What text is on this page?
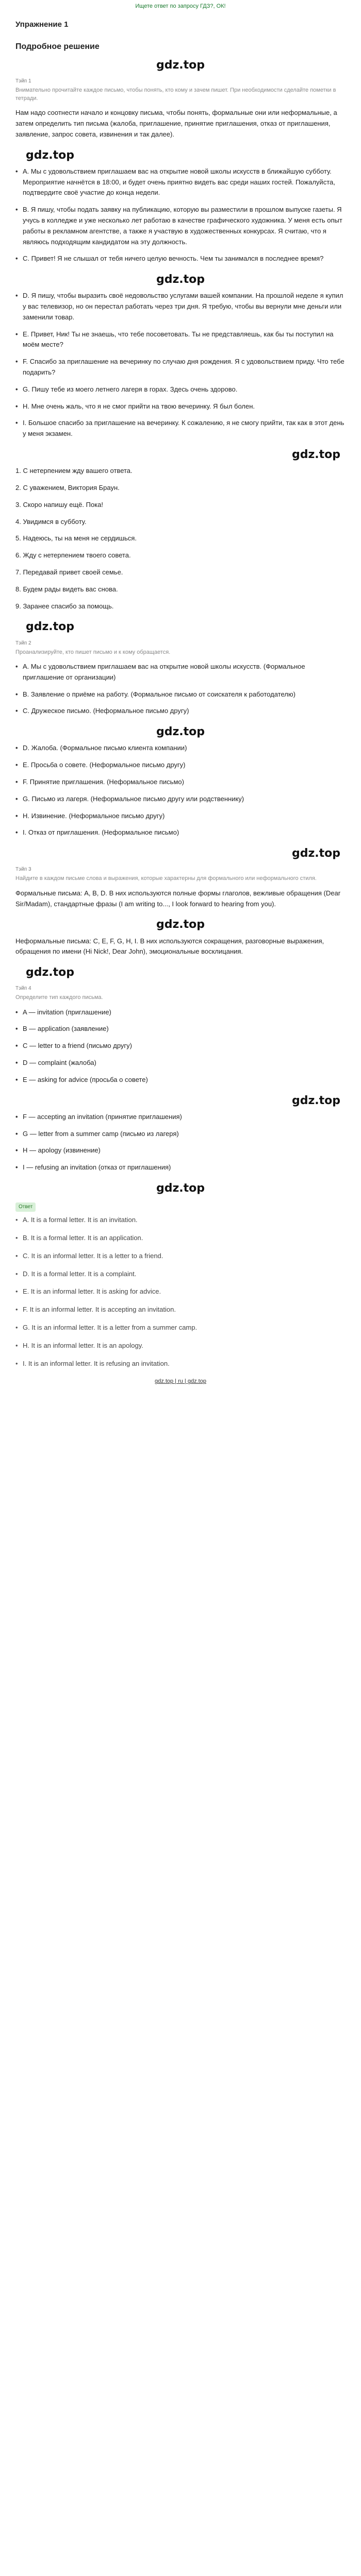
Ищете ответ по запросу ГДЗ?, ОК!
Упражнение 1
Подробное решение
gdz.top
Тэйп 1
Внимательно прочитайте каждое письмо, чтобы понять, кто кому и зачем пишет. При необходимости сделайте пометки в тетради.

Нам надо соотнести начало и концовку письма, чтобы понять, формальные они или неформальные, а затем определить тип письма (жалоба, приглашение, принятие приглашения, отказ от приглашения, заявление, запрос совета, извинения и так далее).

gdz.top
• А. Мы с удовольствием приглашаем вас на открытие новой школы искусств в ближайшую субботу. Мероприятие начнётся в 18:00, и будет очень приятно видеть вас среди наших гостей. Пожалуйста, подтвердите своё участие до конца недели.
• B. Я пишу, чтобы подать заявку на публикацию, которую вы разместили в прошлом выпуске газеты. Я учусь в колледже и уже несколько лет работаю в качестве графического художника. У меня есть опыт работы в рекламном агентстве, а также я участвую в художественных конкурсах. Я считаю, что я являюсь подходящим кандидатом на эту должность.
• C. Привет! Я не слышал от тебя ничего целую вечность. Чем ты занимался в последнее время?
gdz.top
• D. Я пишу, чтобы выразить своё недовольство услугами вашей компании. На прошлой неделе я купил у вас телевизор, но он перестал работать через три дня. Я требую, чтобы вы вернули мне деньги или заменили товар.
• E. Привет, Ник! Ты не знаешь, что тебе посоветовать. Ты не представляешь, как бы ты поступил на моём месте?
• F. Спасибо за приглашение на вечеринку по случаю дня рождения. Я с удовольствием приду. Что тебе подарить?
• G. Пишу тебе из моего летнего лагеря в горах. Здесь очень здорово.
• H. Мне очень жаль, что я не смог прийти на твою вечеринку. Я был болен.
• I. Большое спасибо за приглашение на вечеринку. К сожалению, я не смогу прийти, так как в этот день у меня экзамен.
gdz.top

1. С нетерпением жду вашего ответа.

2. С уважением, Виктория Браун.

3. Скоро напишу ещё. Пока!

4. Увидимся в субботу.

5. Надеюсь, ты на меня не сердишься.

6. Жду с нетерпением твоего совета.

7. Передавай привет своей семье.

8. Будем рады видеть вас снова.

9. Заранее спасибо за помощь.

gdz.top
Тэйп 2
Проанализируйте, кто пишет письмо и к кому обращается.
• А. Мы с удовольствием приглашаем вас на открытие новой школы искусств. (Формальное приглашение от организации)
• B. Заявление о приёме на работу. (Формальное письмо от соискателя к работодателю)
• C. Дружеское письмо. (Неформальное письмо другу)
gdz.top
• D. Жалоба. (Формальное письмо клиента компании)
• E. Просьба о совете. (Неформальное письмо другу)
• F. Принятие приглашения. (Неформальное письмо)
• G. Письмо из лагеря. (Неформальное письмо другу или родственнику)
• H. Извинение. (Неформальное письмо другу)
• I. Отказ от приглашения. (Неформальное письмо)
gdz.top
Тэйп 3
Найдите в каждом письме слова и выражения, которые характерны для формального или неформального стиля.

Формальные письма: A, B, D. В них используются полные формы глаголов, вежливые обращения (Dear Sir/Madam), стандартные фразы (I am writing to..., I look forward to hearing from you).

gdz.top

Неформальные письма: C, E, F, G, H, I. В них используются сокращения, разговорные выражения, обращения по имени (Hi Nick!, Dear John), эмоциональные восклицания.

gdz.top
Тэйп 4
Определите тип каждого письма.
• A — invitation (приглашение)
• B — application (заявление)
• C — letter to a friend (письмо другу)
• D — complaint (жалоба)
• E — asking for advice (просьба о совете)
gdz.top
• F — accepting an invitation (принятие приглашения)
• G — letter from a summer camp (письмо из лагеря)
• H — apology (извинение)
• I — refusing an invitation (отказ от приглашения)
gdz.top
Ответ
• A. It is a formal letter. It is an invitation.
• B. It is a formal letter. It is an application.
• C. It is an informal letter. It is a letter to a friend.
• D. It is a formal letter. It is a complaint.
• E. It is an informal letter. It is asking for advice.
• F. It is an informal letter. It is accepting an invitation.
• G. It is an informal letter. It is a letter from a summer camp.
• H. It is an informal letter. It is an apology.
• I. It is an informal letter. It is refusing an invitation.
gdz.top | ru | gdz.top
